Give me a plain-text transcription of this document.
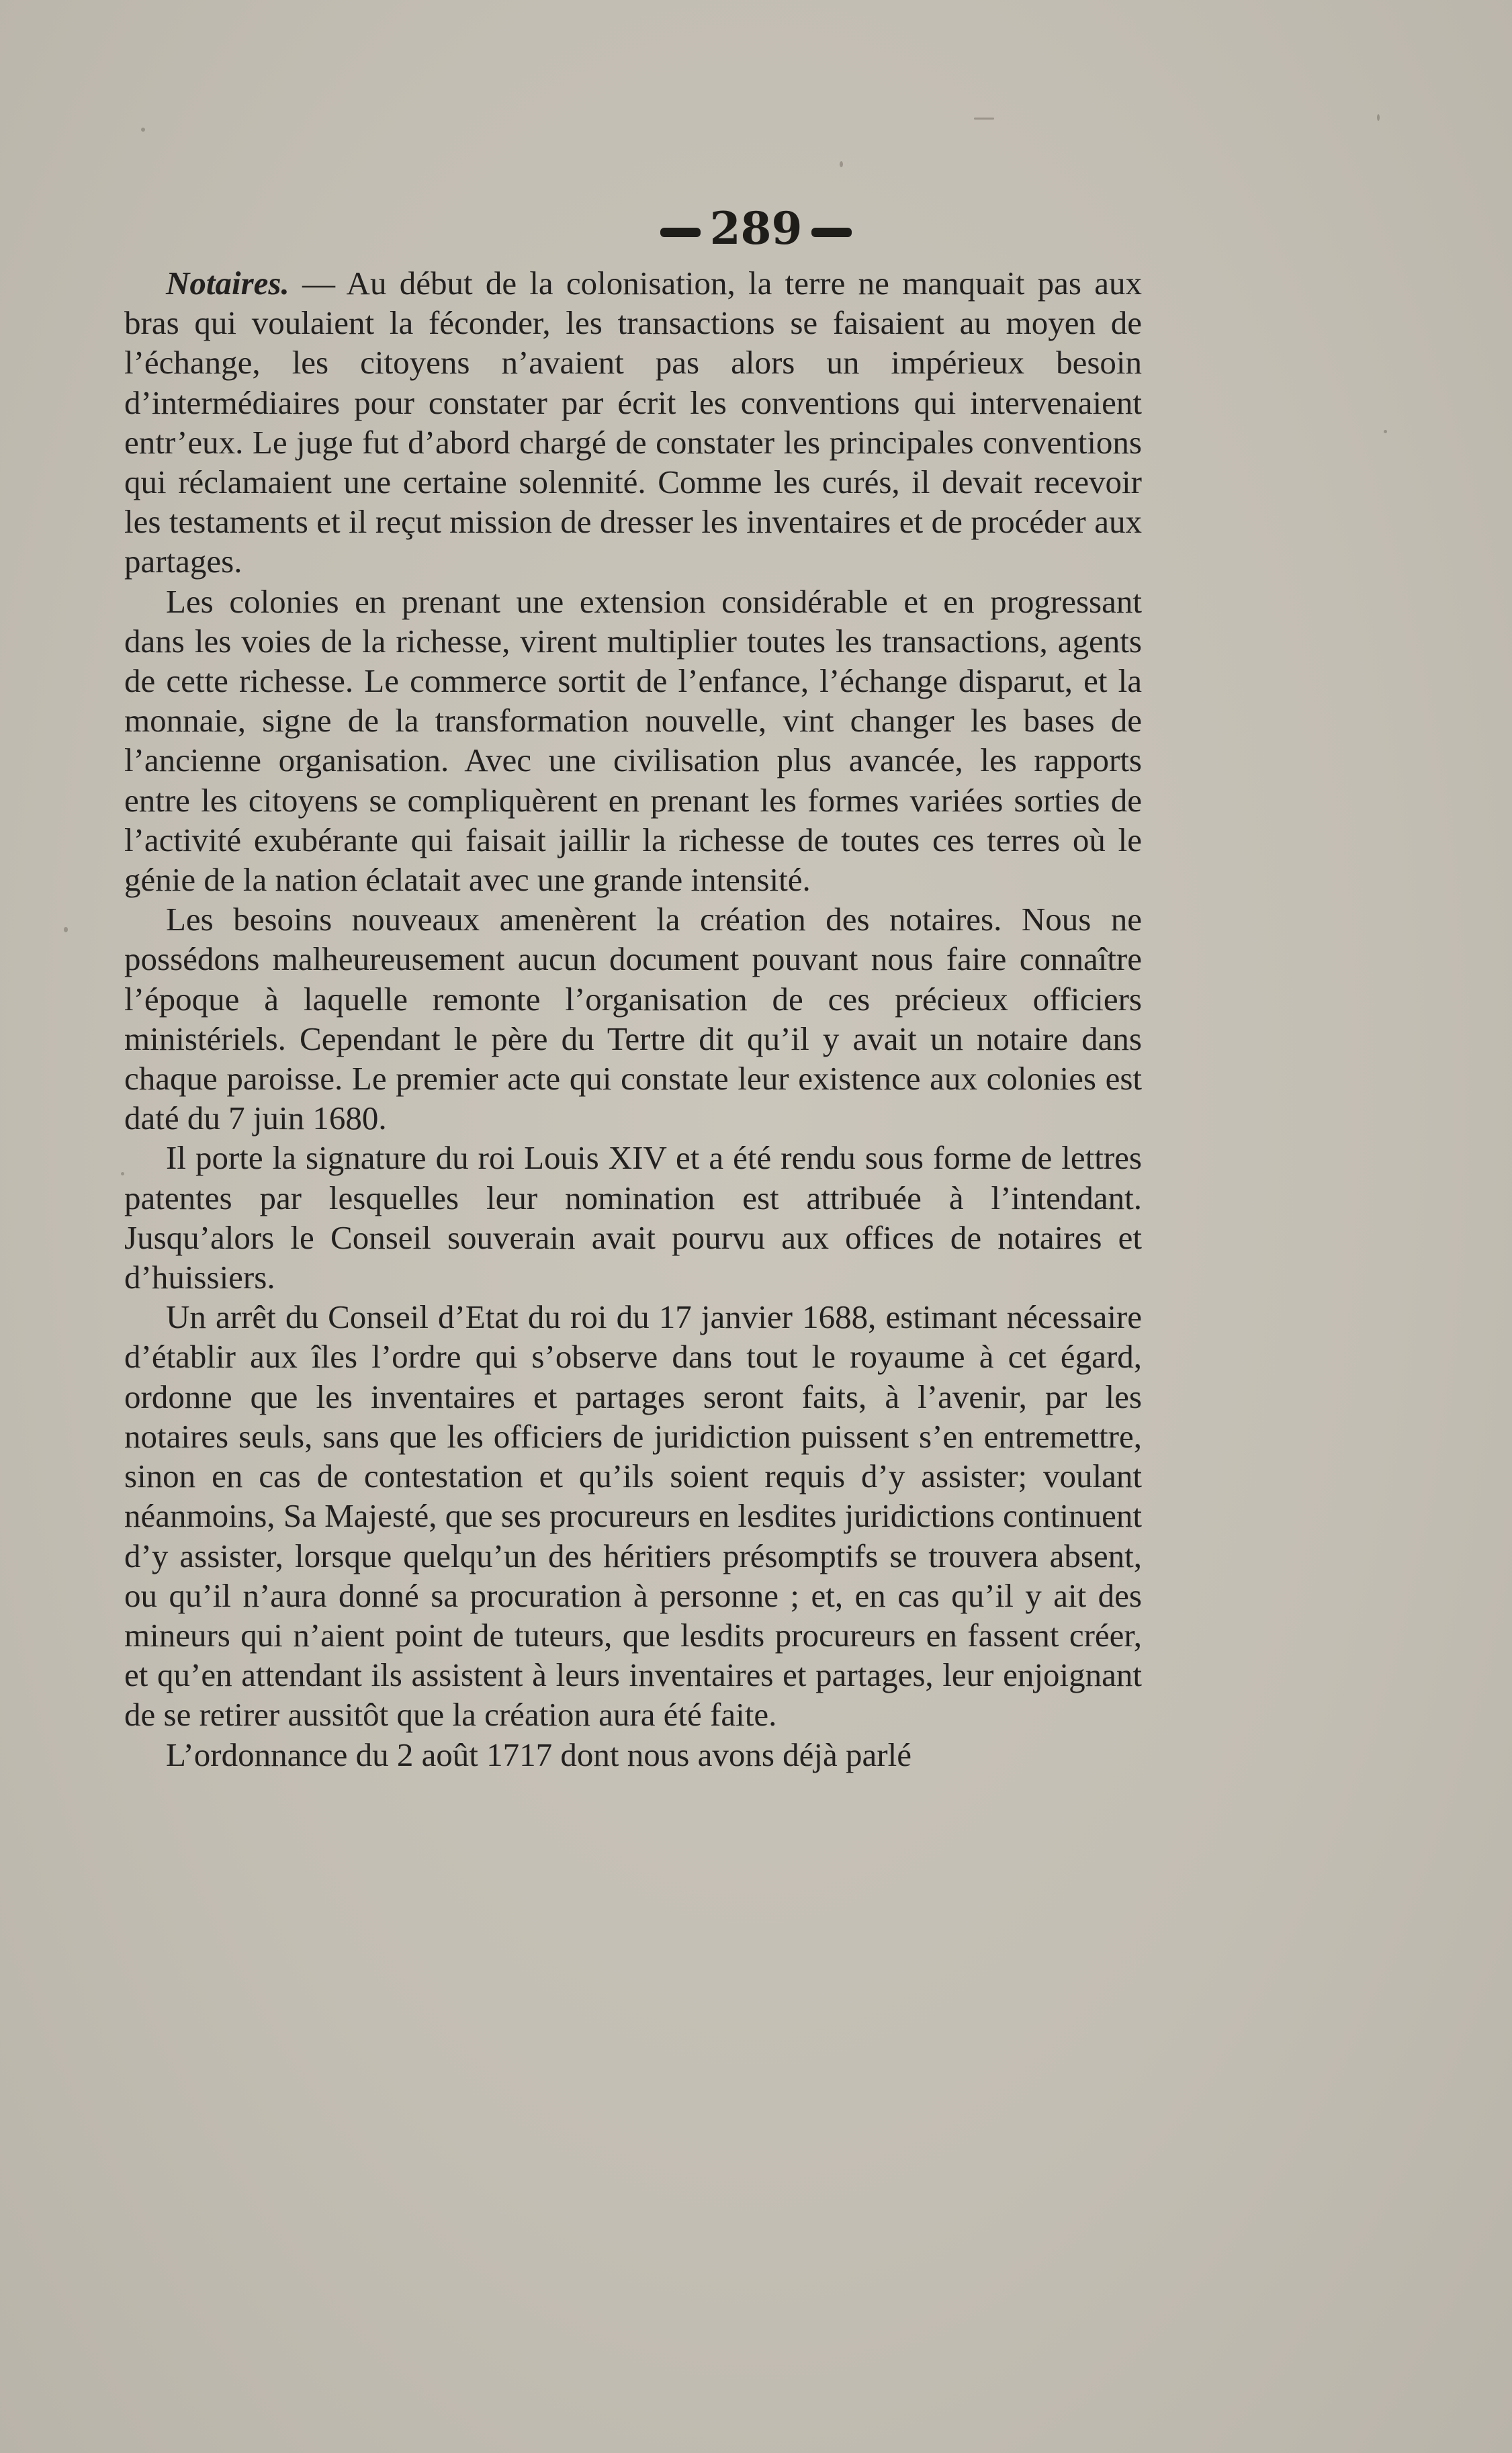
289

Notaires. — Au début de la colonisation, la terre ne manquait pas aux bras qui voulaient la féconder, les transactions se faisaient au moyen de l’échange, les citoyens n’avaient pas alors un impérieux besoin d’intermédiaires pour constater par écrit les conventions qui intervenaient entr’eux. Le juge fut d’abord chargé de constater les principales conventions qui réclamaient une certaine solennité. Comme les curés, il devait recevoir les testaments et il reçut mission de dresser les inventaires et de procéder aux partages.

Les colonies en prenant une extension considérable et en progressant dans les voies de la richesse, virent multiplier toutes les transactions, agents de cette richesse. Le commerce sortit de l’enfance, l’échange disparut, et la monnaie, signe de la transformation nouvelle, vint changer les bases de l’ancienne organisation. Avec une civilisation plus avancée, les rapports entre les citoyens se compliquèrent en prenant les formes variées sorties de l’activité exubérante qui faisait jaillir la richesse de toutes ces terres où le génie de la nation éclatait avec une grande intensité.

Les besoins nouveaux amenèrent la création des notaires. Nous ne possédons malheureusement aucun document pouvant nous faire connaître l’époque à laquelle remonte l’organisation de ces précieux officiers ministériels. Cependant le père du Tertre dit qu’il y avait un notaire dans chaque paroisse. Le premier acte qui constate leur existence aux colonies est daté du 7 juin 1680.

Il porte la signature du roi Louis XIV et a été rendu sous forme de lettres patentes par lesquelles leur nomination est attribuée à l’intendant. Jusqu’alors le Conseil souverain avait pourvu aux offices de notaires et d’huissiers.

Un arrêt du Conseil d’Etat du roi du 17 janvier 1688, estimant nécessaire d’établir aux îles l’ordre qui s’observe dans tout le royaume à cet égard, ordonne que les inventaires et partages seront faits, à l’avenir, par les notaires seuls, sans que les officiers de juridiction puissent s’en entremettre, sinon en cas de contestation et qu’ils soient requis d’y assister; voulant néanmoins, Sa Majesté, que ses procureurs en lesdites juridictions continuent d’y assister, lorsque quelqu’un des héritiers présomptifs se trouvera absent, ou qu’il n’aura donné sa procuration à personne ; et, en cas qu’il y ait des mineurs qui n’aient point de tuteurs, que lesdits procureurs en fassent créer, et qu’en attendant ils assistent à leurs inventaires et partages, leur enjoignant de se retirer aussitôt que la création aura été faite.

L’ordonnance du 2 août 1717 dont nous avons déjà parlé
